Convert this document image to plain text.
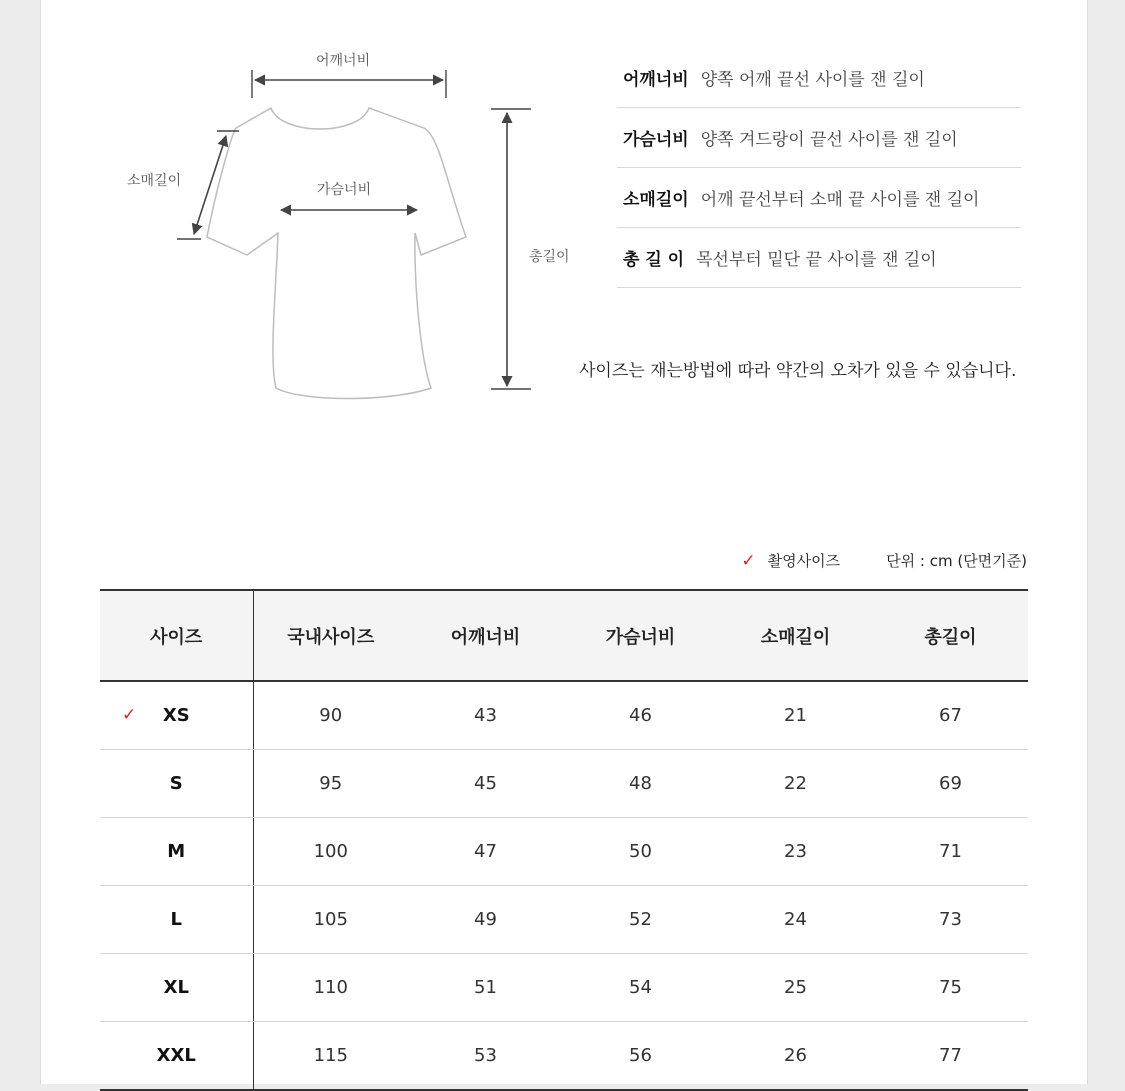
어깨너비
가슴너비
소매길이
총길이
어깨너비 양쪽 어깨 끝선 사이를 잰 길이
가슴너비 양쪽 겨드랑이 끝선 사이를 잰 길이
소매길이 어깨 끝선부터 소매 끝 사이를 잰 길이
총 길 이 목선부터 밑단 끝 사이를 잰 길이
사이즈는 재는방법에 따라 약간의 오차가 있을 수 있습니다.
✓ 촬영사이즈	단위 : cm (단면기준)
사이즈	국내사이즈	어깨너비	가슴너비	소매길이	총길이

✓ XS	90	43	46	21	67
S	95	45	48	22	69
M	100	47	50	23	71
L	105	49	52	24	73
XL	110	51	54	25	75
XXL	115	53	56	26	77
